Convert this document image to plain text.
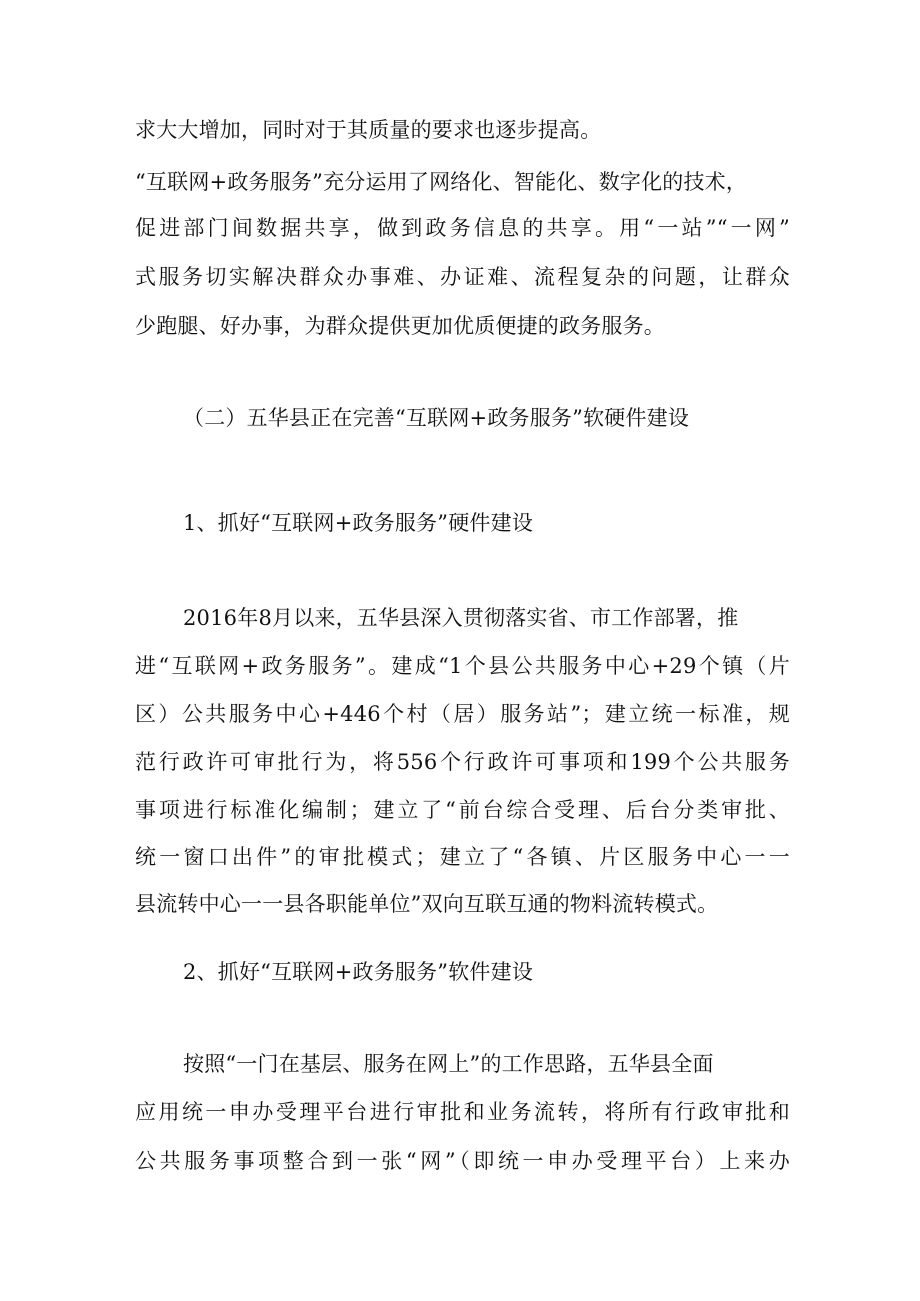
求大大增加，同时对于其质量的要求也逐步提高。
“互联网+政务服务”充分运用了网络化、智能化、数字化的技术，
促进部门间数据共享，做到政务信息的共享。用“一站”“一网”
式服务切实解决群众办事难、办证难、流程复杂的问题，让群众
少跑腿、好办事，为群众提供更加优质便捷的政务服务。
（二）五华县正在完善“互联网+政务服务”软硬件建设
1、抓好“互联网+政务服务”硬件建设
2016年8月以来，五华县深入贯彻落实省、市工作部署，推
进“互联网+政务服务”。建成“1个县公共服务中心+29个镇（片
区）公共服务中心+446个村（居）服务站”；建立统一标准，规
范行政许可审批行为，将556个行政许可事项和199个公共服务
事项进行标准化编制；建立了“前台综合受理、后台分类审批、
统一窗口出件”的审批模式；建立了“各镇、片区服务中心一一
县流转中心一一县各职能单位”双向互联互通的物料流转模式。
2、抓好“互联网+政务服务”软件建设
按照“一门在基层、服务在网上”的工作思路，五华县全面
应用统一申办受理平台进行审批和业务流转，将所有行政审批和
公共服务事项整合到一张“网”（即统一申办受理平台）上来办
